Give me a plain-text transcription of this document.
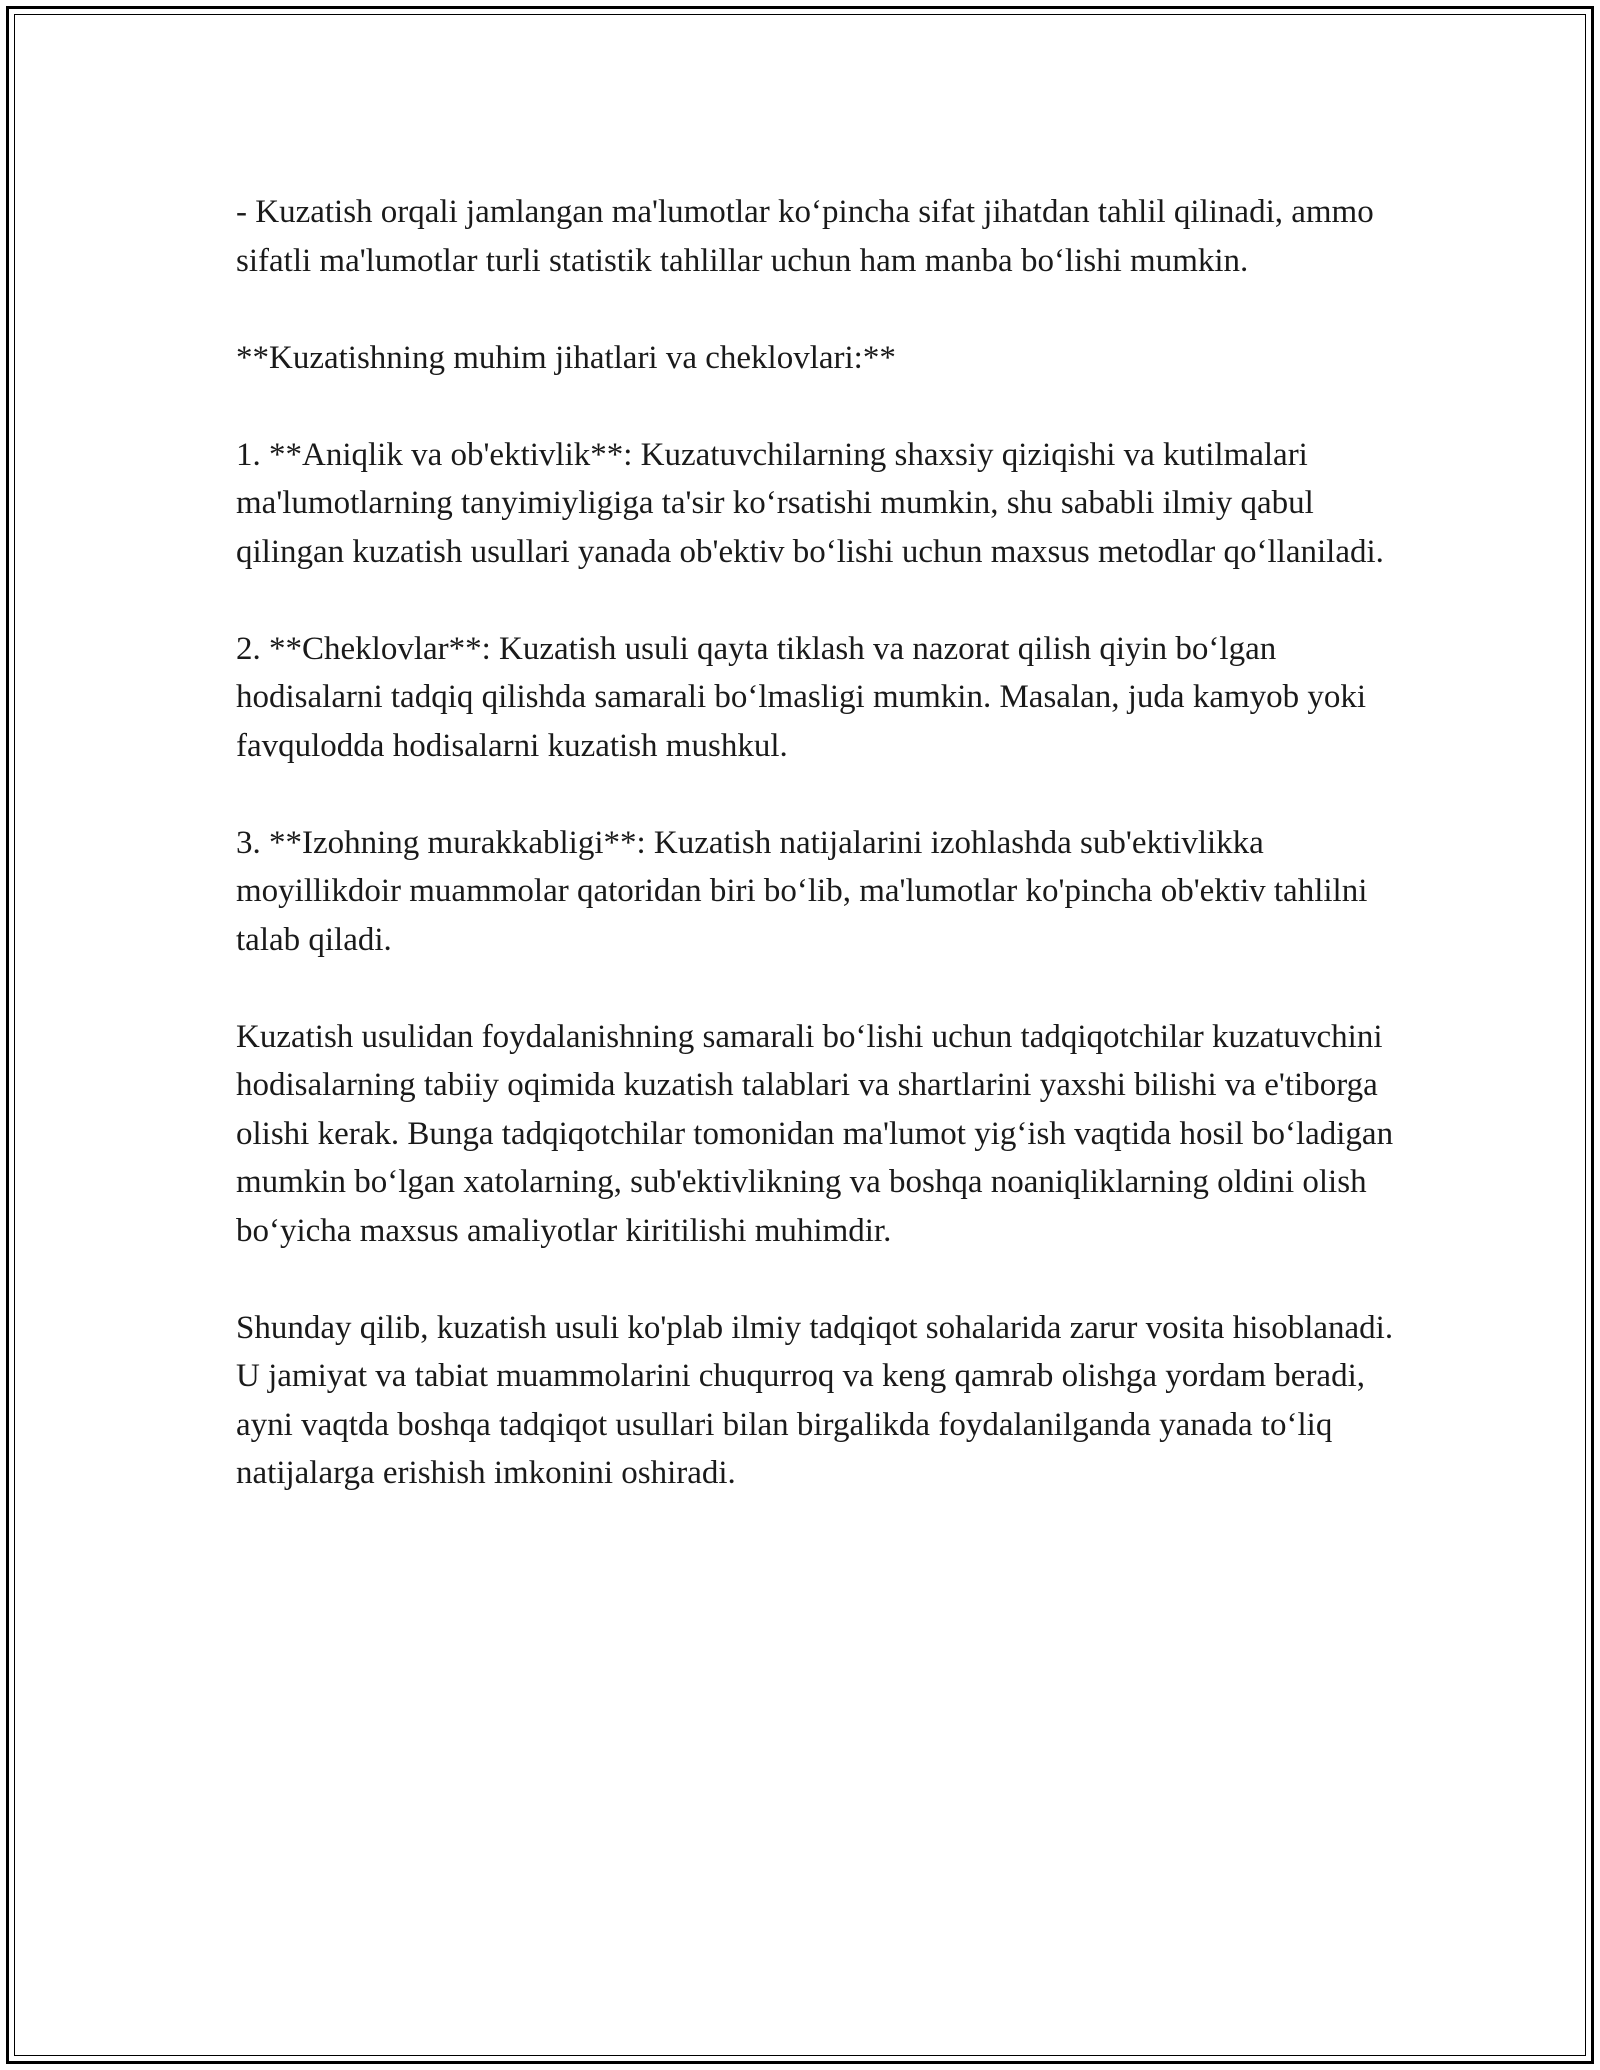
- Kuzatish orqali jamlangan ma'lumotlar ko‘pincha sifat jihatdan tahlil qilinadi, ammo sifatli ma'lumotlar turli statistik tahlillar uchun ham manba bo‘lishi mumkin.

**Kuzatishning muhim jihatlari va cheklovlari:**

1. **Aniqlik va ob'ektivlik**: Kuzatuvchilarning shaxsiy qiziqishi va kutilmalari ma'lumotlarning tanyimiyligiga ta'sir ko‘rsatishi mumkin, shu sababli ilmiy qabul qilingan kuzatish usullari yanada ob'ektiv bo‘lishi uchun maxsus metodlar qo‘llaniladi.

2. **Cheklovlar**: Kuzatish usuli qayta tiklash va nazorat qilish qiyin bo‘lgan hodisalarni tadqiq qilishda samarali bo‘lmasligi mumkin. Masalan, juda kamyob yoki favqulodda hodisalarni kuzatish mushkul.

3. **Izohning murakkabligi**: Kuzatish natijalarini izohlashda sub'ektivlikka moyillikdoir muammolar qatoridan biri bo‘lib, ma'lumotlar ko'pincha ob'ektiv tahlilni talab qiladi.

Kuzatish usulidan foydalanishning samarali bo‘lishi uchun tadqiqotchilar kuzatuvchini hodisalarning tabiiy oqimida kuzatish talablari va shartlarini yaxshi bilishi va e'tiborga olishi kerak. Bunga tadqiqotchilar tomonidan ma'lumot yig‘ish vaqtida hosil bo‘ladigan mumkin bo‘lgan xatolarning, sub'ektivlikning va boshqa noaniqliklarning oldini olish bo‘yicha maxsus amaliyotlar kiritilishi muhimdir.

Shunday qilib, kuzatish usuli ko'plab ilmiy tadqiqot sohalarida zarur vosita hisoblanadi. U jamiyat va tabiat muammolarini chuqurroq va keng qamrab olishga yordam beradi, ayni vaqtda boshqa tadqiqot usullari bilan birgalikda foydalanilganda yanada to‘liq natijalarga erishish imkonini oshiradi.
